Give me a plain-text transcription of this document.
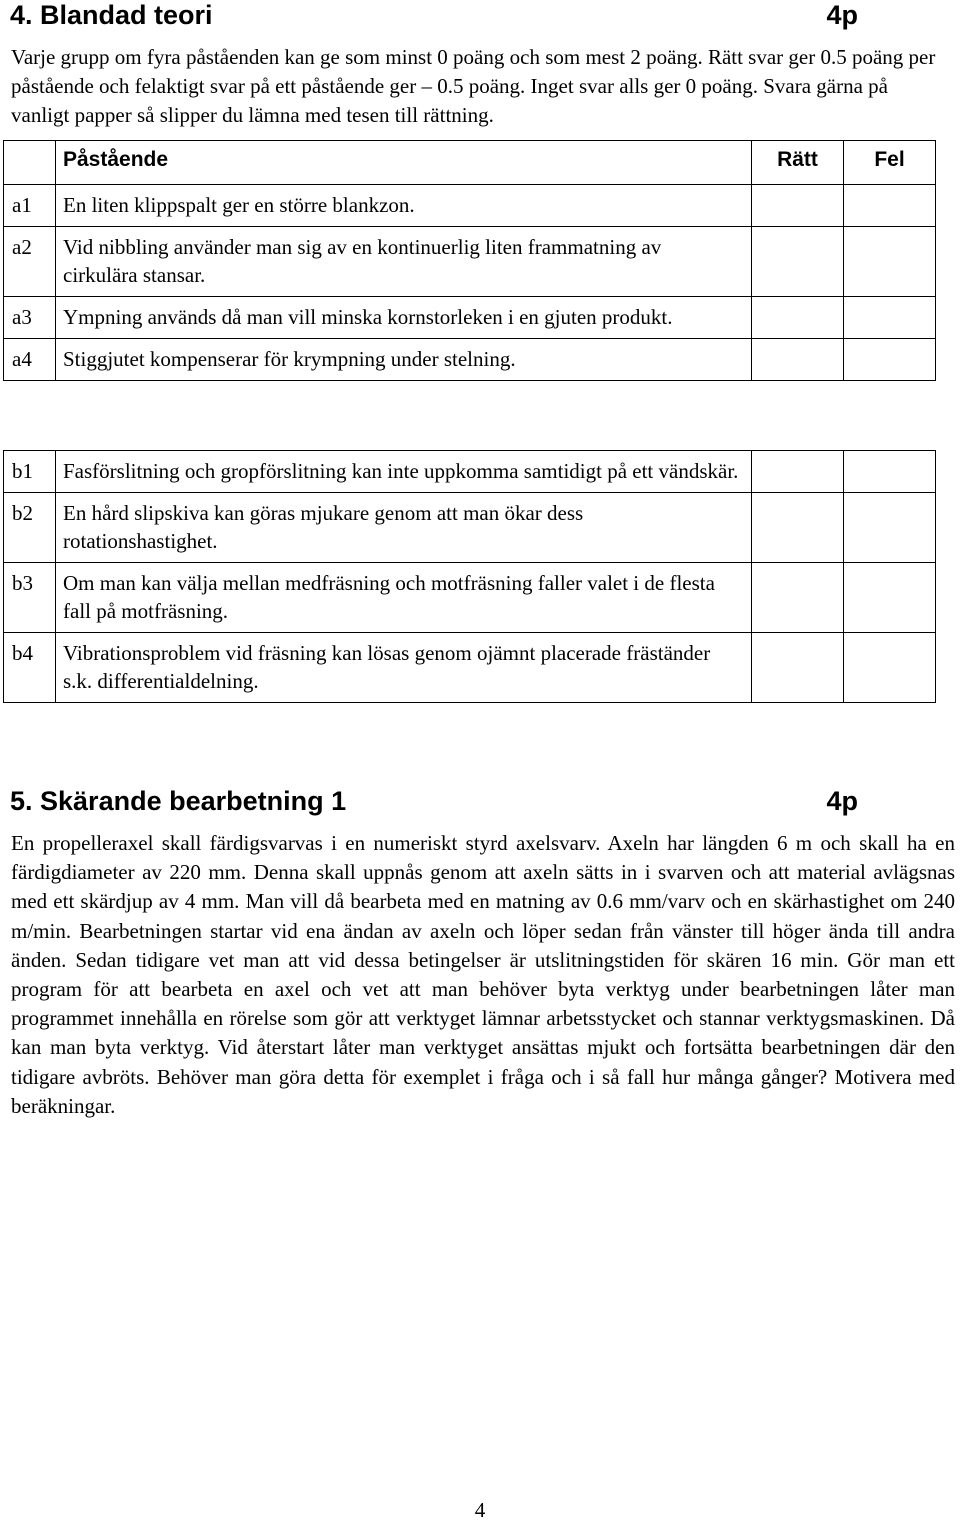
4. Blandad teori	4p
Varje grupp om fyra påståenden kan ge som minst 0 poäng och som mest 2 poäng. Rätt svar ger 0.5 poäng per påstående och felaktigt svar på ett påstående ger – 0.5 poäng. Inget svar alls ger 0 poäng. Svara gärna på vanligt papper så slipper du lämna med tesen till rättning.
	Påstående	Rätt	Fel
a1	En liten klippspalt ger en större blankzon.		
a2	Vid nibbling använder man sig av en kontinuerlig liten frammatning av cirkulära stansar.		
a3	Ympning används då man vill minska kornstorleken i en gjuten produkt.		
a4	Stiggjutet kompenserar för krympning under stelning.		
b1	Fasförslitning och gropförslitning kan inte uppkomma samtidigt på ett vändskär.		
b2	En hård slipskiva kan göras mjukare genom att man ökar dess rotationshastighet.		
b3	Om man kan välja mellan medfräsning och motfräsning faller valet i de flesta fall på motfräsning.		
b4	Vibrationsproblem vid fräsning kan lösas genom ojämnt placerade fräständer s.k. differentialdelning.		
5. Skärande bearbetning 1	4p
En propelleraxel skall färdigsvarvas i en numeriskt styrd axelsvarv. Axeln har längden 6 m och skall ha en färdigdiameter av 220 mm. Denna skall uppnås genom att axeln sätts in i svarven och att material avlägsnas med ett skärdjup av 4 mm. Man vill då bearbeta med en matning av 0.6 mm/varv och en skärhastighet om 240 m/min. Bearbetningen startar vid ena ändan av axeln och löper sedan från vänster till höger ända till andra änden. Sedan tidigare vet man att vid dessa betingelser är utslitningstiden för skären 16 min. Gör man ett program för att bearbeta en axel och vet att man behöver byta verktyg under bearbetningen låter man programmet innehålla en rörelse som gör att verktyget lämnar arbetsstycket och stannar verktygsmaskinen. Då kan man byta verktyg. Vid återstart låter man verktyget ansättas mjukt och fortsätta bearbetningen där den tidigare avbröts. Behöver man göra detta för exemplet i fråga och i så fall hur många gånger? Motivera med beräkningar.
4
